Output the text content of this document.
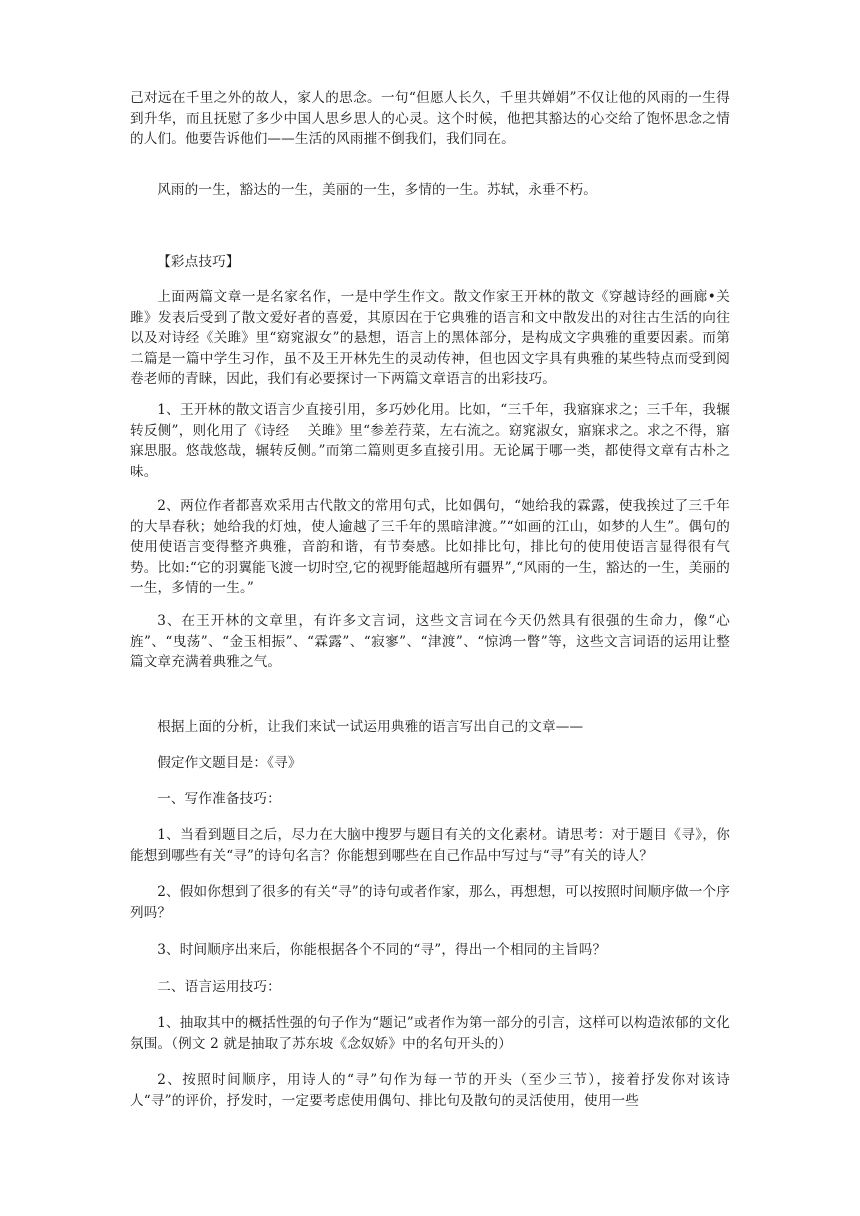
己对远在千里之外的故人，家人的思念。一句“但愿人长久，千里共婵娟”不仅让他的风雨的一生得到升华，而且抚慰了多少中国人思乡思人的心灵。这个时候，他把其豁达的心交给了饱怀思念之情的人们。他要告诉他们——生活的风雨摧不倒我们，我们同在。

风雨的一生，豁达的一生，美丽的一生，多情的一生。苏轼，永垂不朽。

【彩点技巧】

上面两篇文章一是名家名作，一是中学生作文。散文作家王开林的散文《穿越诗经的画廊•关雎》发表后受到了散文爱好者的喜爱，其原因在于它典雅的语言和文中散发出的对往古生活的向往以及对诗经《关雎》里“窈窕淑女”的悬想，语言上的黑体部分，是构成文字典雅的重要因素。而第二篇是一篇中学生习作，虽不及王开林先生的灵动传神，但也因文字具有典雅的某些特点而受到阅卷老师的青睐，因此，我们有必要探讨一下两篇文章语言的出彩技巧。

1、王开林的散文语言少直接引用，多巧妙化用。比如，“三千年，我寤寐求之；三千年，我辗转反侧”，则化用了《诗经　 关雎》里“参差荇菜，左右流之。窈窕淑女，寤寐求之。求之不得，寤寐思服。悠哉悠哉，辗转反侧。”而第二篇则更多直接引用。无论属于哪一类，都使得文章有古朴之味。

2、两位作者都喜欢采用古代散文的常用句式，比如偶句，“她给我的霖露，使我挨过了三千年的大旱春秋；她给我的灯烛，使人逾越了三千年的黑暗津渡。”“如画的江山，如梦的人生”。偶句的使用使语言变得整齐典雅，音韵和谐，有节奏感。比如排比句，排比句的使用使语言显得很有气势。比如:“它的羽翼能飞渡一切时空,它的视野能超越所有疆界”,“风雨的一生，豁达的一生，美丽的一生，多情的一生。”

3、在王开林的文章里，有许多文言词，这些文言词在今天仍然具有很强的生命力，像“心旌”、“曳荡”、“金玉相振”、“霖露”、“寂寥”、“津渡”、“惊鸿一瞥”等，这些文言词语的运用让整篇文章充满着典雅之气。

根据上面的分析，让我们来试一试运用典雅的语言写出自己的文章——

假定作文题目是：《寻》

一、写作准备技巧：

1、当看到题目之后，尽力在大脑中搜罗与题目有关的文化素材。请思考：对于题目《寻》，你能想到哪些有关“寻”的诗句名言？你能想到哪些在自己作品中写过与“寻”有关的诗人？

2、假如你想到了很多的有关“寻”的诗句或者作家，那么，再想想，可以按照时间顺序做一个序列吗？

3、时间顺序出来后，你能根据各个不同的“寻”，得出一个相同的主旨吗？

二、语言运用技巧：

1、抽取其中的概括性强的句子作为“题记”或者作为第一部分的引言，这样可以构造浓郁的文化氛围。（例文 2 就是抽取了苏东坡《念奴娇》中的名句开头的）

2、按照时间顺序，用诗人的“寻”句作为每一节的开头（至少三节），接着抒发你对该诗人“寻”的评价，抒发时，一定要考虑使用偶句、排比句及散句的灵活使用，使用一些
